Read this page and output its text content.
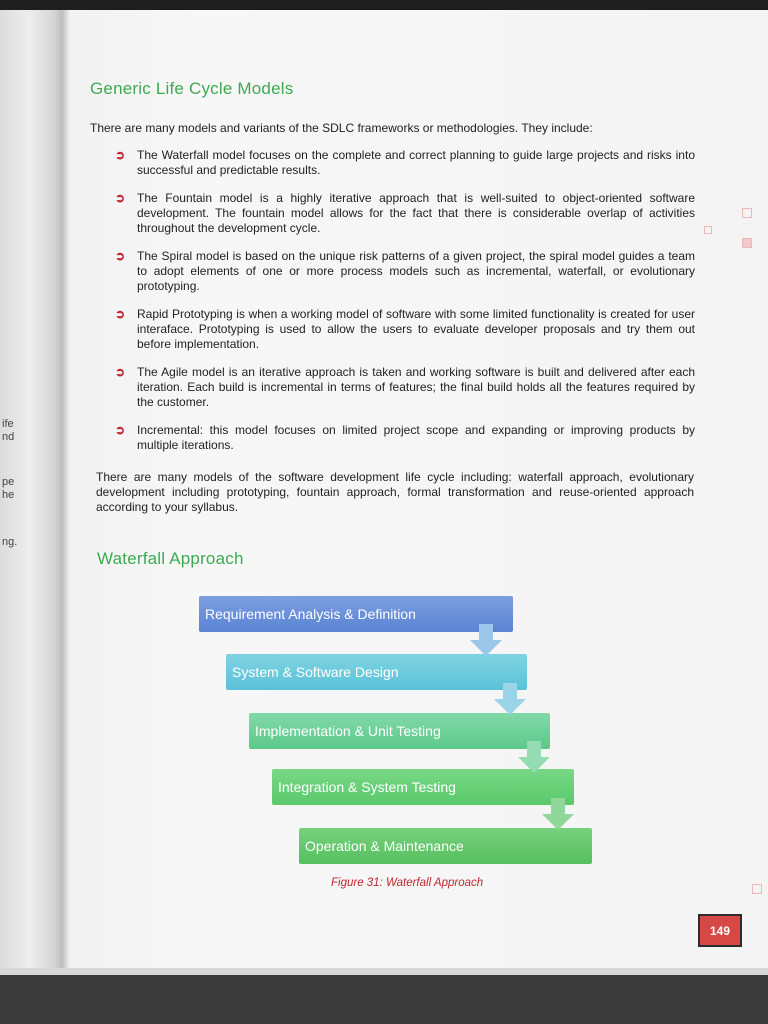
ife
nd
pe
he
ng.
Generic Life Cycle Models
There are many models and variants of the SDLC frameworks or methodologies. They include:
➲ The Waterfall model focuses on the complete and correct planning to guide large projects and risks into successful and predictable results.
➲ The Fountain model is a highly iterative approach that is well-suited to object-oriented software development. The fountain model allows for the fact that there is considerable overlap of activities throughout the development cycle.
➲ The Spiral model is based on the unique risk patterns of a given project, the spiral model guides a team to adopt elements of one or more process models such as incremental, waterfall, or evolutionary prototyping.
➲ Rapid Prototyping is when a working model of software with some limited functionality is created for user interaface. Prototyping is used to allow the users to evaluate developer proposals and try them out before implementation.
➲ The Agile model is an iterative approach is taken and working software is built and delivered after each iteration. Each build is incremental in terms of features; the final build holds all the features required by the customer.
➲ Incremental: this model focuses on limited project scope and expanding or improving products by multiple iterations.
There are many models of the software development life cycle including: waterfall approach, evolutionary development including prototyping, fountain approach, formal transformation and reuse-oriented approach according to your syllabus.
Waterfall Approach
Requirement Analysis & Definition
System & Software Design
Implementation & Unit Testing
Integration & System Testing
Operation & Maintenance
Figure 31: Waterfall Approach
149
